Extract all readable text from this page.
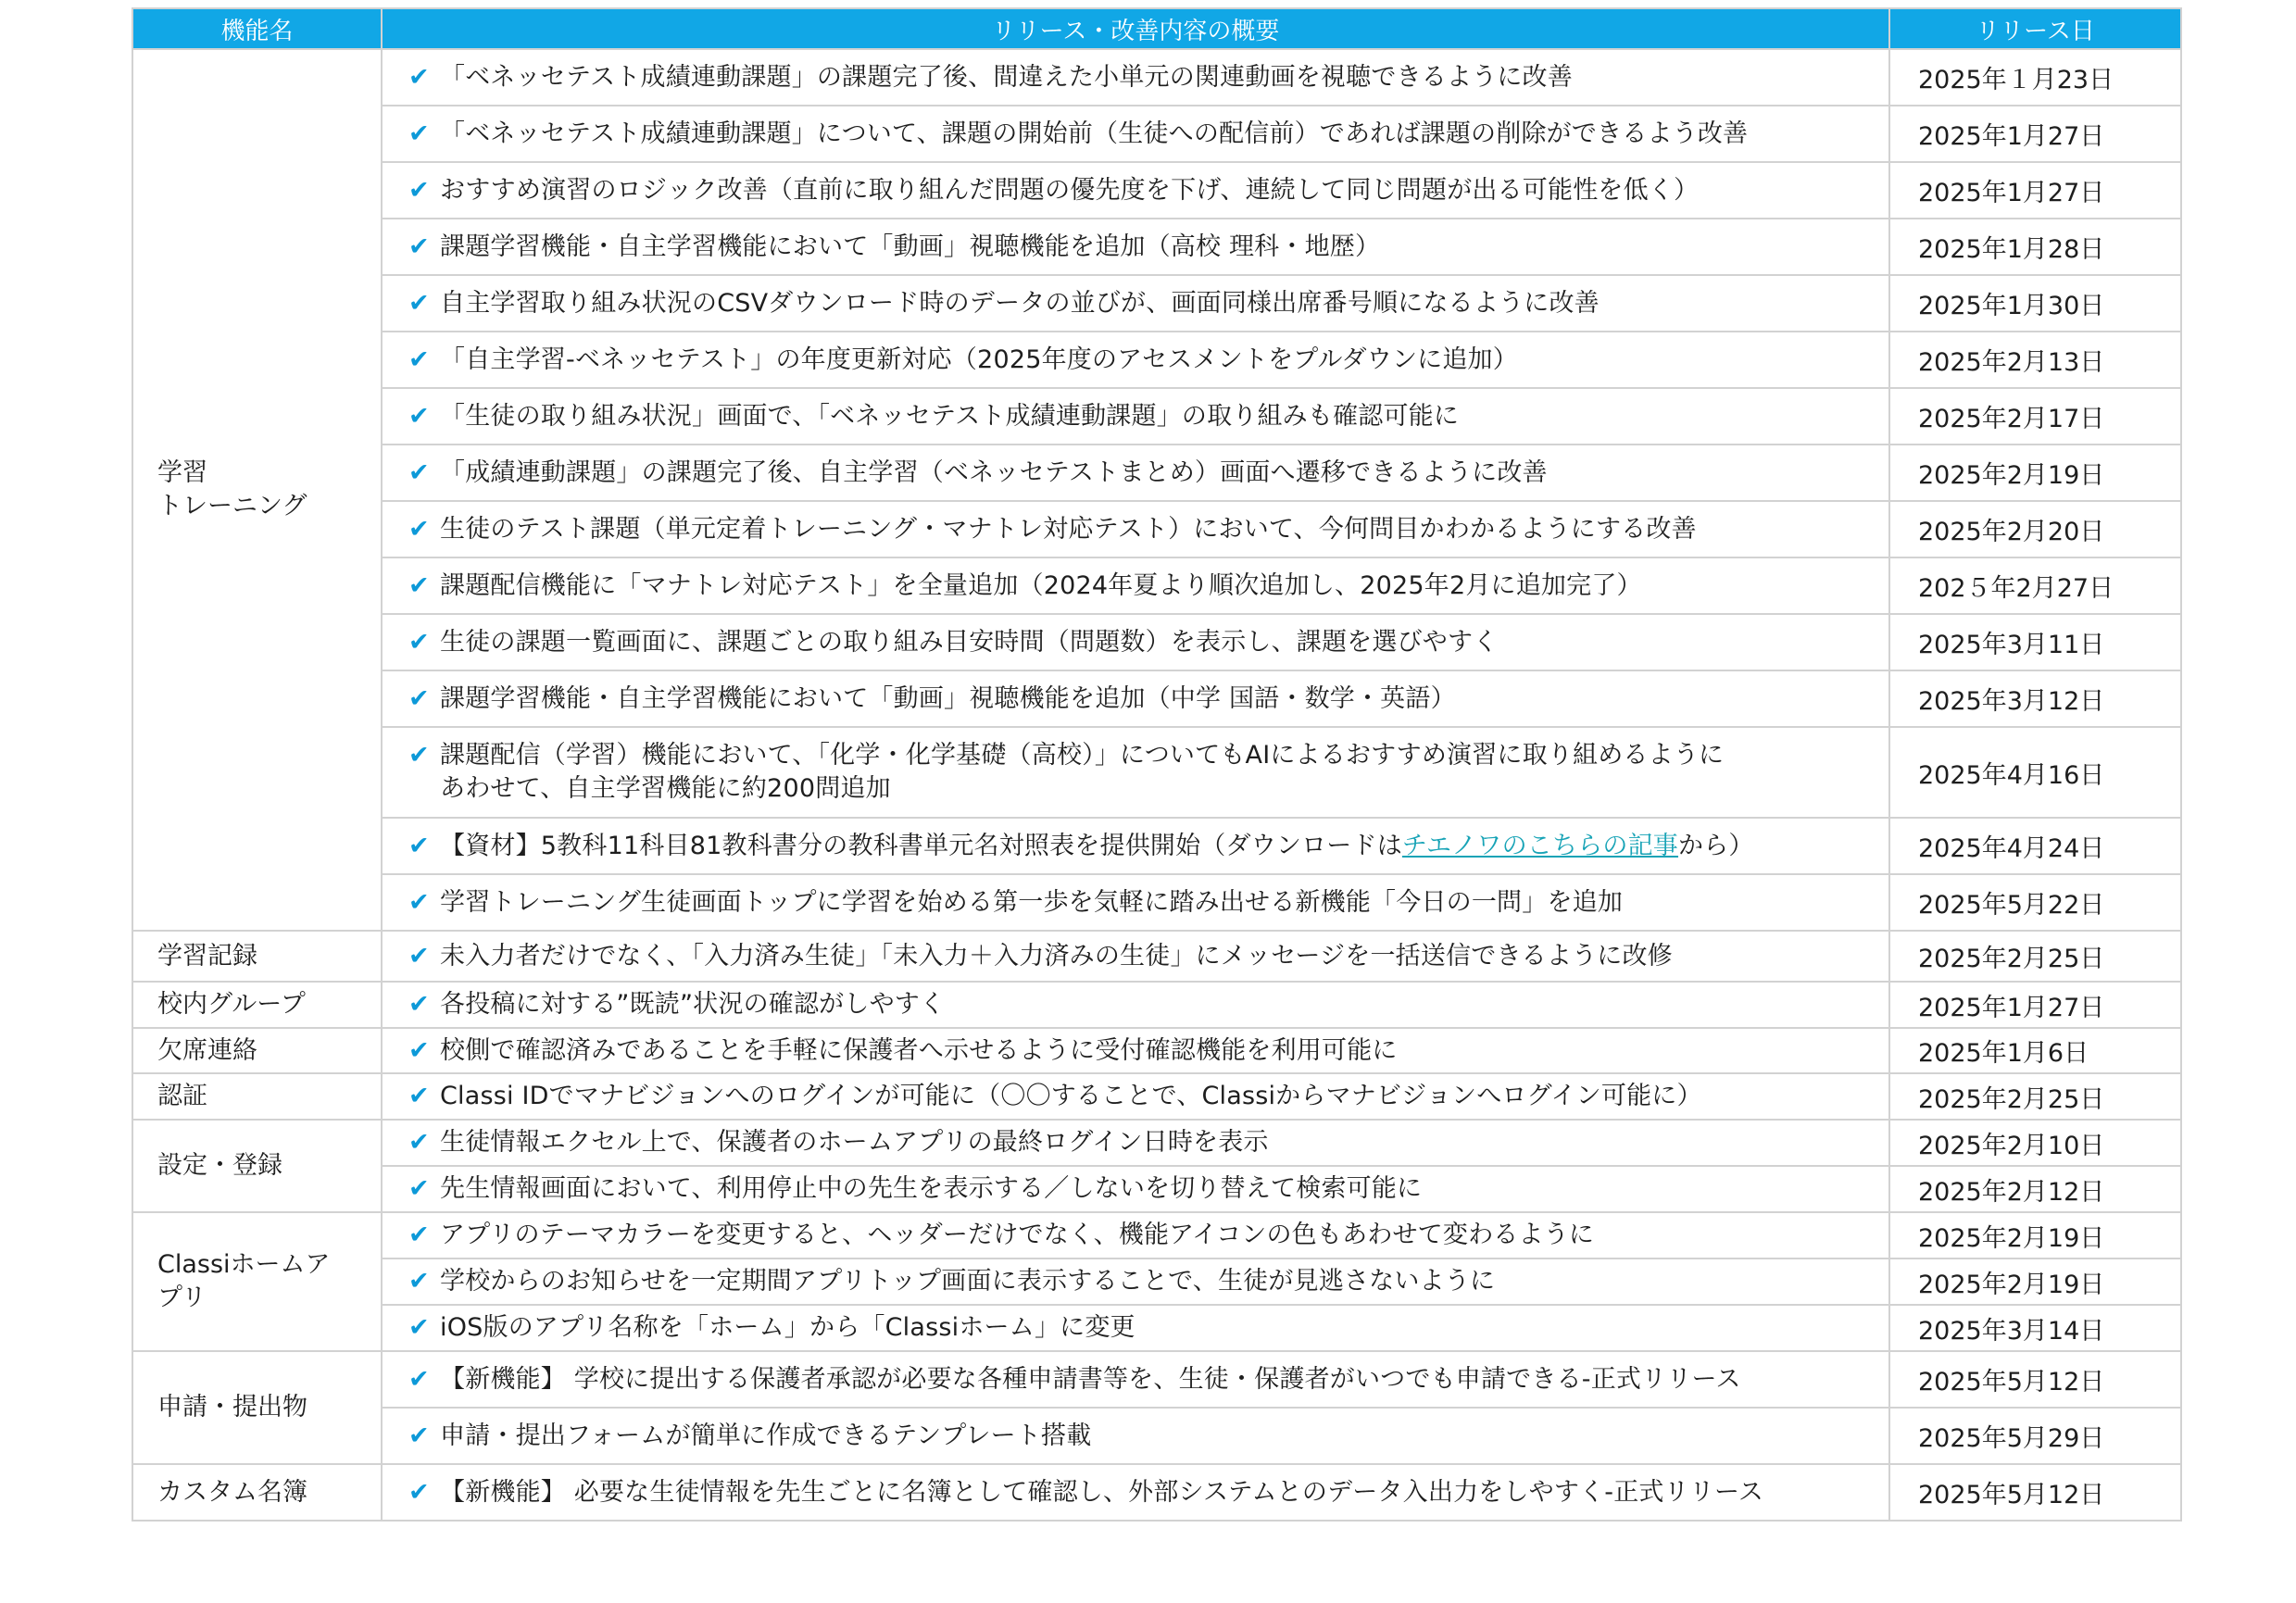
機能名	リリース・改善内容の概要	リリース日

学習
トレーニング	✔ 「ベネッセテスト成績連動課題」の課題完了後、間違えた小単元の関連動画を視聴できるように改善	2025年１月23日

	✔ 「ベネッセテスト成績連動課題」について、課題の開始前（生徒への配信前）であれば課題の削除ができるよう改善	2025年1月27日

	✔ おすすめ演習のロジック改善（直前に取り組んだ問題の優先度を下げ、連続して同じ問題が出る可能性を低く）	2025年1月27日

	✔ 課題学習機能・自主学習機能において「動画」視聴機能を追加（高校 理科・地歴）	2025年1月28日

	✔ 自主学習取り組み状況のCSVダウンロード時のデータの並びが、画面同様出席番号順になるように改善	2025年1月30日

	✔ 「自主学習-ベネッセテスト」の年度更新対応（2025年度のアセスメントをプルダウンに追加）	2025年2月13日

	✔ 「生徒の取り組み状況」画面で、「ベネッセテスト成績連動課題」の取り組みも確認可能に	2025年2月17日

	✔ 「成績連動課題」の課題完了後、自主学習（ベネッセテストまとめ）画面へ遷移できるように改善	2025年2月19日

	✔ 生徒のテスト課題（単元定着トレーニング・マナトレ対応テスト）において、今何問目かわかるようにする改善	2025年2月20日

	✔ 課題配信機能に「マナトレ対応テスト」を全量追加（2024年夏より順次追加し、2025年2月に追加完了）	202５年2月27日

	✔ 生徒の課題一覧画面に、課題ごとの取り組み目安時間（問題数）を表示し、課題を選びやすく	2025年3月11日

	✔ 課題学習機能・自主学習機能において「動画」視聴機能を追加（中学 国語・数学・英語）	2025年3月12日

	✔ 課題配信（学習）機能において、「化学・化学基礎（高校）」についてもAIによるおすすめ演習に取り組めるように
あわせて、自主学習機能に約200問追加	2025年4月16日

	✔ 【資材】5教科11科目81教科書分の教科書単元名対照表を提供開始（ダウンロードはチエノワのこちらの記事から）	2025年4月24日

	✔ 学習トレーニング生徒画面トップに学習を始める第一歩を気軽に踏み出せる新機能「今日の一問」を追加	2025年5月22日
学習記録	✔ 未入力者だけでなく、「入力済み生徒」「未入力＋入力済みの生徒」にメッセージを一括送信できるように改修	2025年2月25日
校内グループ	✔ 各投稿に対する”既読”状況の確認がしやすく	2025年1月27日
欠席連絡	✔ 校側で確認済みであることを手軽に保護者へ示せるように受付確認機能を利用可能に	2025年1月6日
認証	✔ Classi IDでマナビジョンへのログインが可能に（〇〇することで、Classiからマナビジョンへログイン可能に）	2025年2月25日
設定・登録	✔ 生徒情報エクセル上で、保護者のホームアプリの最終ログイン日時を表示	2025年2月10日

	✔ 先生情報画面において、利用停止中の先生を表示する／しないを切り替えて検索可能に	2025年2月12日

Classiホームア
プリ	✔ アプリのテーマカラーを変更すると、ヘッダーだけでなく、機能アイコンの色もあわせて変わるように	2025年2月19日

	✔ 学校からのお知らせを一定期間アプリトップ画面に表示することで、生徒が見逃さないように	2025年2月19日

	✔ iOS版のアプリ名称を「ホーム」から「Classiホーム」に変更	2025年3月14日
申請・提出物	✔ 【新機能】 学校に提出する保護者承認が必要な各種申請書等を、生徒・保護者がいつでも申請できる-正式リリース	2025年5月12日

	✔ 申請・提出フォームが簡単に作成できるテンプレート搭載	2025年5月29日
カスタム名簿	✔ 【新機能】 必要な生徒情報を先生ごとに名簿として確認し、外部システムとのデータ入出力をしやすく-正式リリース	2025年5月12日
